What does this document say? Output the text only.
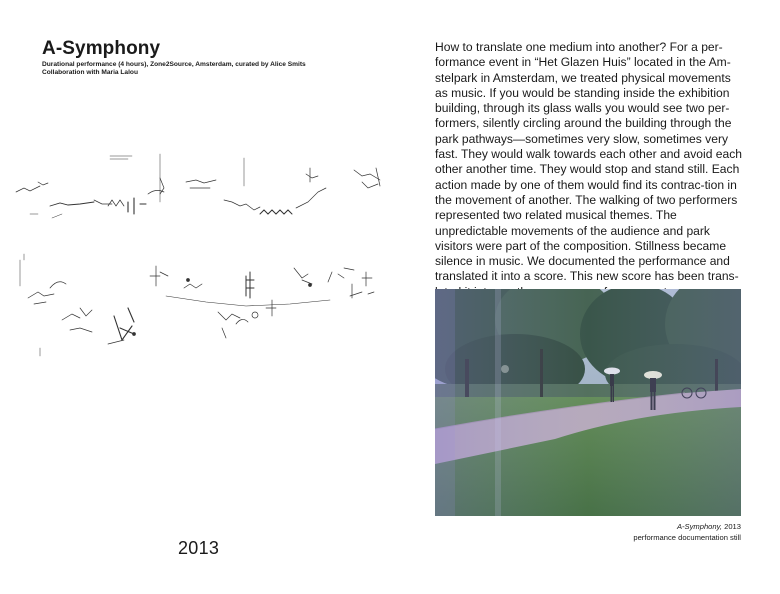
A-Symphony
Durational performance (4 hours), Zone2Source, Amsterdam, curated by Alice Smits
Collaboration with Maria Lalou
2013

How to translate one medium into another? For a per-formance event in “Het Glazen Huis” located in the Am-stelpark in Amsterdam, we treated physical movements as music. If you would be standing inside the exhibition building, through its glass walls you would see two per-formers, silently circling around the building through the park pathways—sometimes very slow, sometimes very fast. They would walk towards each other and avoid each other another time. They would stop and stand still. Each action made by one of them would find its contrac-tion in the movement of another. The walking of two performers represented two related musical themes. The unpredictable movements of the audience and park visitors were part of the composition. Stillness became silence in music. We documented the performance and translated it into a score. This new score has been trans-

A-Symphony, 2013
performance documentation still
